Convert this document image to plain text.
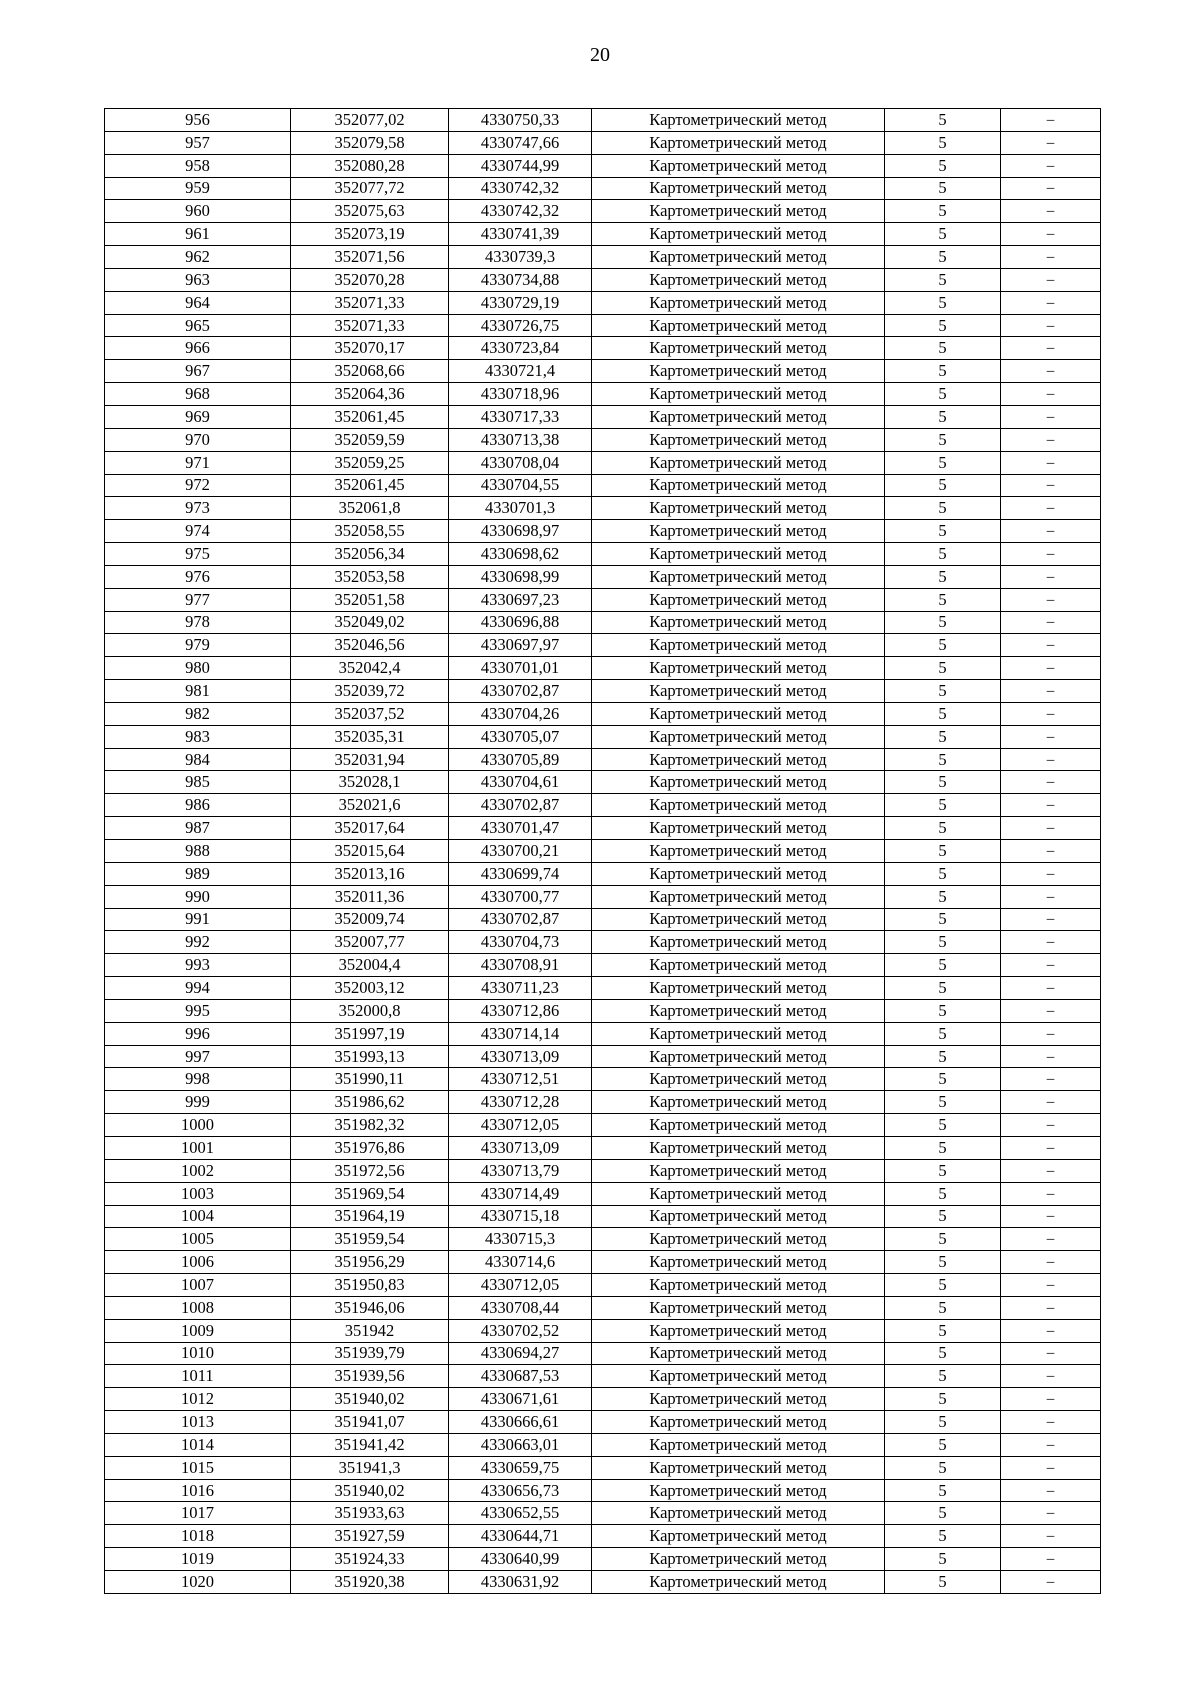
20
956	352077,02	4330750,33	Картометрический метод	5	–
957	352079,58	4330747,66	Картометрический метод	5	–
958	352080,28	4330744,99	Картометрический метод	5	–
959	352077,72	4330742,32	Картометрический метод	5	–
960	352075,63	4330742,32	Картометрический метод	5	–
961	352073,19	4330741,39	Картометрический метод	5	–
962	352071,56	4330739,3	Картометрический метод	5	–
963	352070,28	4330734,88	Картометрический метод	5	–
964	352071,33	4330729,19	Картометрический метод	5	–
965	352071,33	4330726,75	Картометрический метод	5	–
966	352070,17	4330723,84	Картометрический метод	5	–
967	352068,66	4330721,4	Картометрический метод	5	–
968	352064,36	4330718,96	Картометрический метод	5	–
969	352061,45	4330717,33	Картометрический метод	5	–
970	352059,59	4330713,38	Картометрический метод	5	–
971	352059,25	4330708,04	Картометрический метод	5	–
972	352061,45	4330704,55	Картометрический метод	5	–
973	352061,8	4330701,3	Картометрический метод	5	–
974	352058,55	4330698,97	Картометрический метод	5	–
975	352056,34	4330698,62	Картометрический метод	5	–
976	352053,58	4330698,99	Картометрический метод	5	–
977	352051,58	4330697,23	Картометрический метод	5	–
978	352049,02	4330696,88	Картометрический метод	5	–
979	352046,56	4330697,97	Картометрический метод	5	–
980	352042,4	4330701,01	Картометрический метод	5	–
981	352039,72	4330702,87	Картометрический метод	5	–
982	352037,52	4330704,26	Картометрический метод	5	–
983	352035,31	4330705,07	Картометрический метод	5	–
984	352031,94	4330705,89	Картометрический метод	5	–
985	352028,1	4330704,61	Картометрический метод	5	–
986	352021,6	4330702,87	Картометрический метод	5	–
987	352017,64	4330701,47	Картометрический метод	5	–
988	352015,64	4330700,21	Картометрический метод	5	–
989	352013,16	4330699,74	Картометрический метод	5	–
990	352011,36	4330700,77	Картометрический метод	5	–
991	352009,74	4330702,87	Картометрический метод	5	–
992	352007,77	4330704,73	Картометрический метод	5	–
993	352004,4	4330708,91	Картометрический метод	5	–
994	352003,12	4330711,23	Картометрический метод	5	–
995	352000,8	4330712,86	Картометрический метод	5	–
996	351997,19	4330714,14	Картометрический метод	5	–
997	351993,13	4330713,09	Картометрический метод	5	–
998	351990,11	4330712,51	Картометрический метод	5	–
999	351986,62	4330712,28	Картометрический метод	5	–
1000	351982,32	4330712,05	Картометрический метод	5	–
1001	351976,86	4330713,09	Картометрический метод	5	–
1002	351972,56	4330713,79	Картометрический метод	5	–
1003	351969,54	4330714,49	Картометрический метод	5	–
1004	351964,19	4330715,18	Картометрический метод	5	–
1005	351959,54	4330715,3	Картометрический метод	5	–
1006	351956,29	4330714,6	Картометрический метод	5	–
1007	351950,83	4330712,05	Картометрический метод	5	–
1008	351946,06	4330708,44	Картометрический метод	5	–
1009	351942	4330702,52	Картометрический метод	5	–
1010	351939,79	4330694,27	Картометрический метод	5	–
1011	351939,56	4330687,53	Картометрический метод	5	–
1012	351940,02	4330671,61	Картометрический метод	5	–
1013	351941,07	4330666,61	Картометрический метод	5	–
1014	351941,42	4330663,01	Картометрический метод	5	–
1015	351941,3	4330659,75	Картометрический метод	5	–
1016	351940,02	4330656,73	Картометрический метод	5	–
1017	351933,63	4330652,55	Картометрический метод	5	–
1018	351927,59	4330644,71	Картометрический метод	5	–
1019	351924,33	4330640,99	Картометрический метод	5	–
1020	351920,38	4330631,92	Картометрический метод	5	–
